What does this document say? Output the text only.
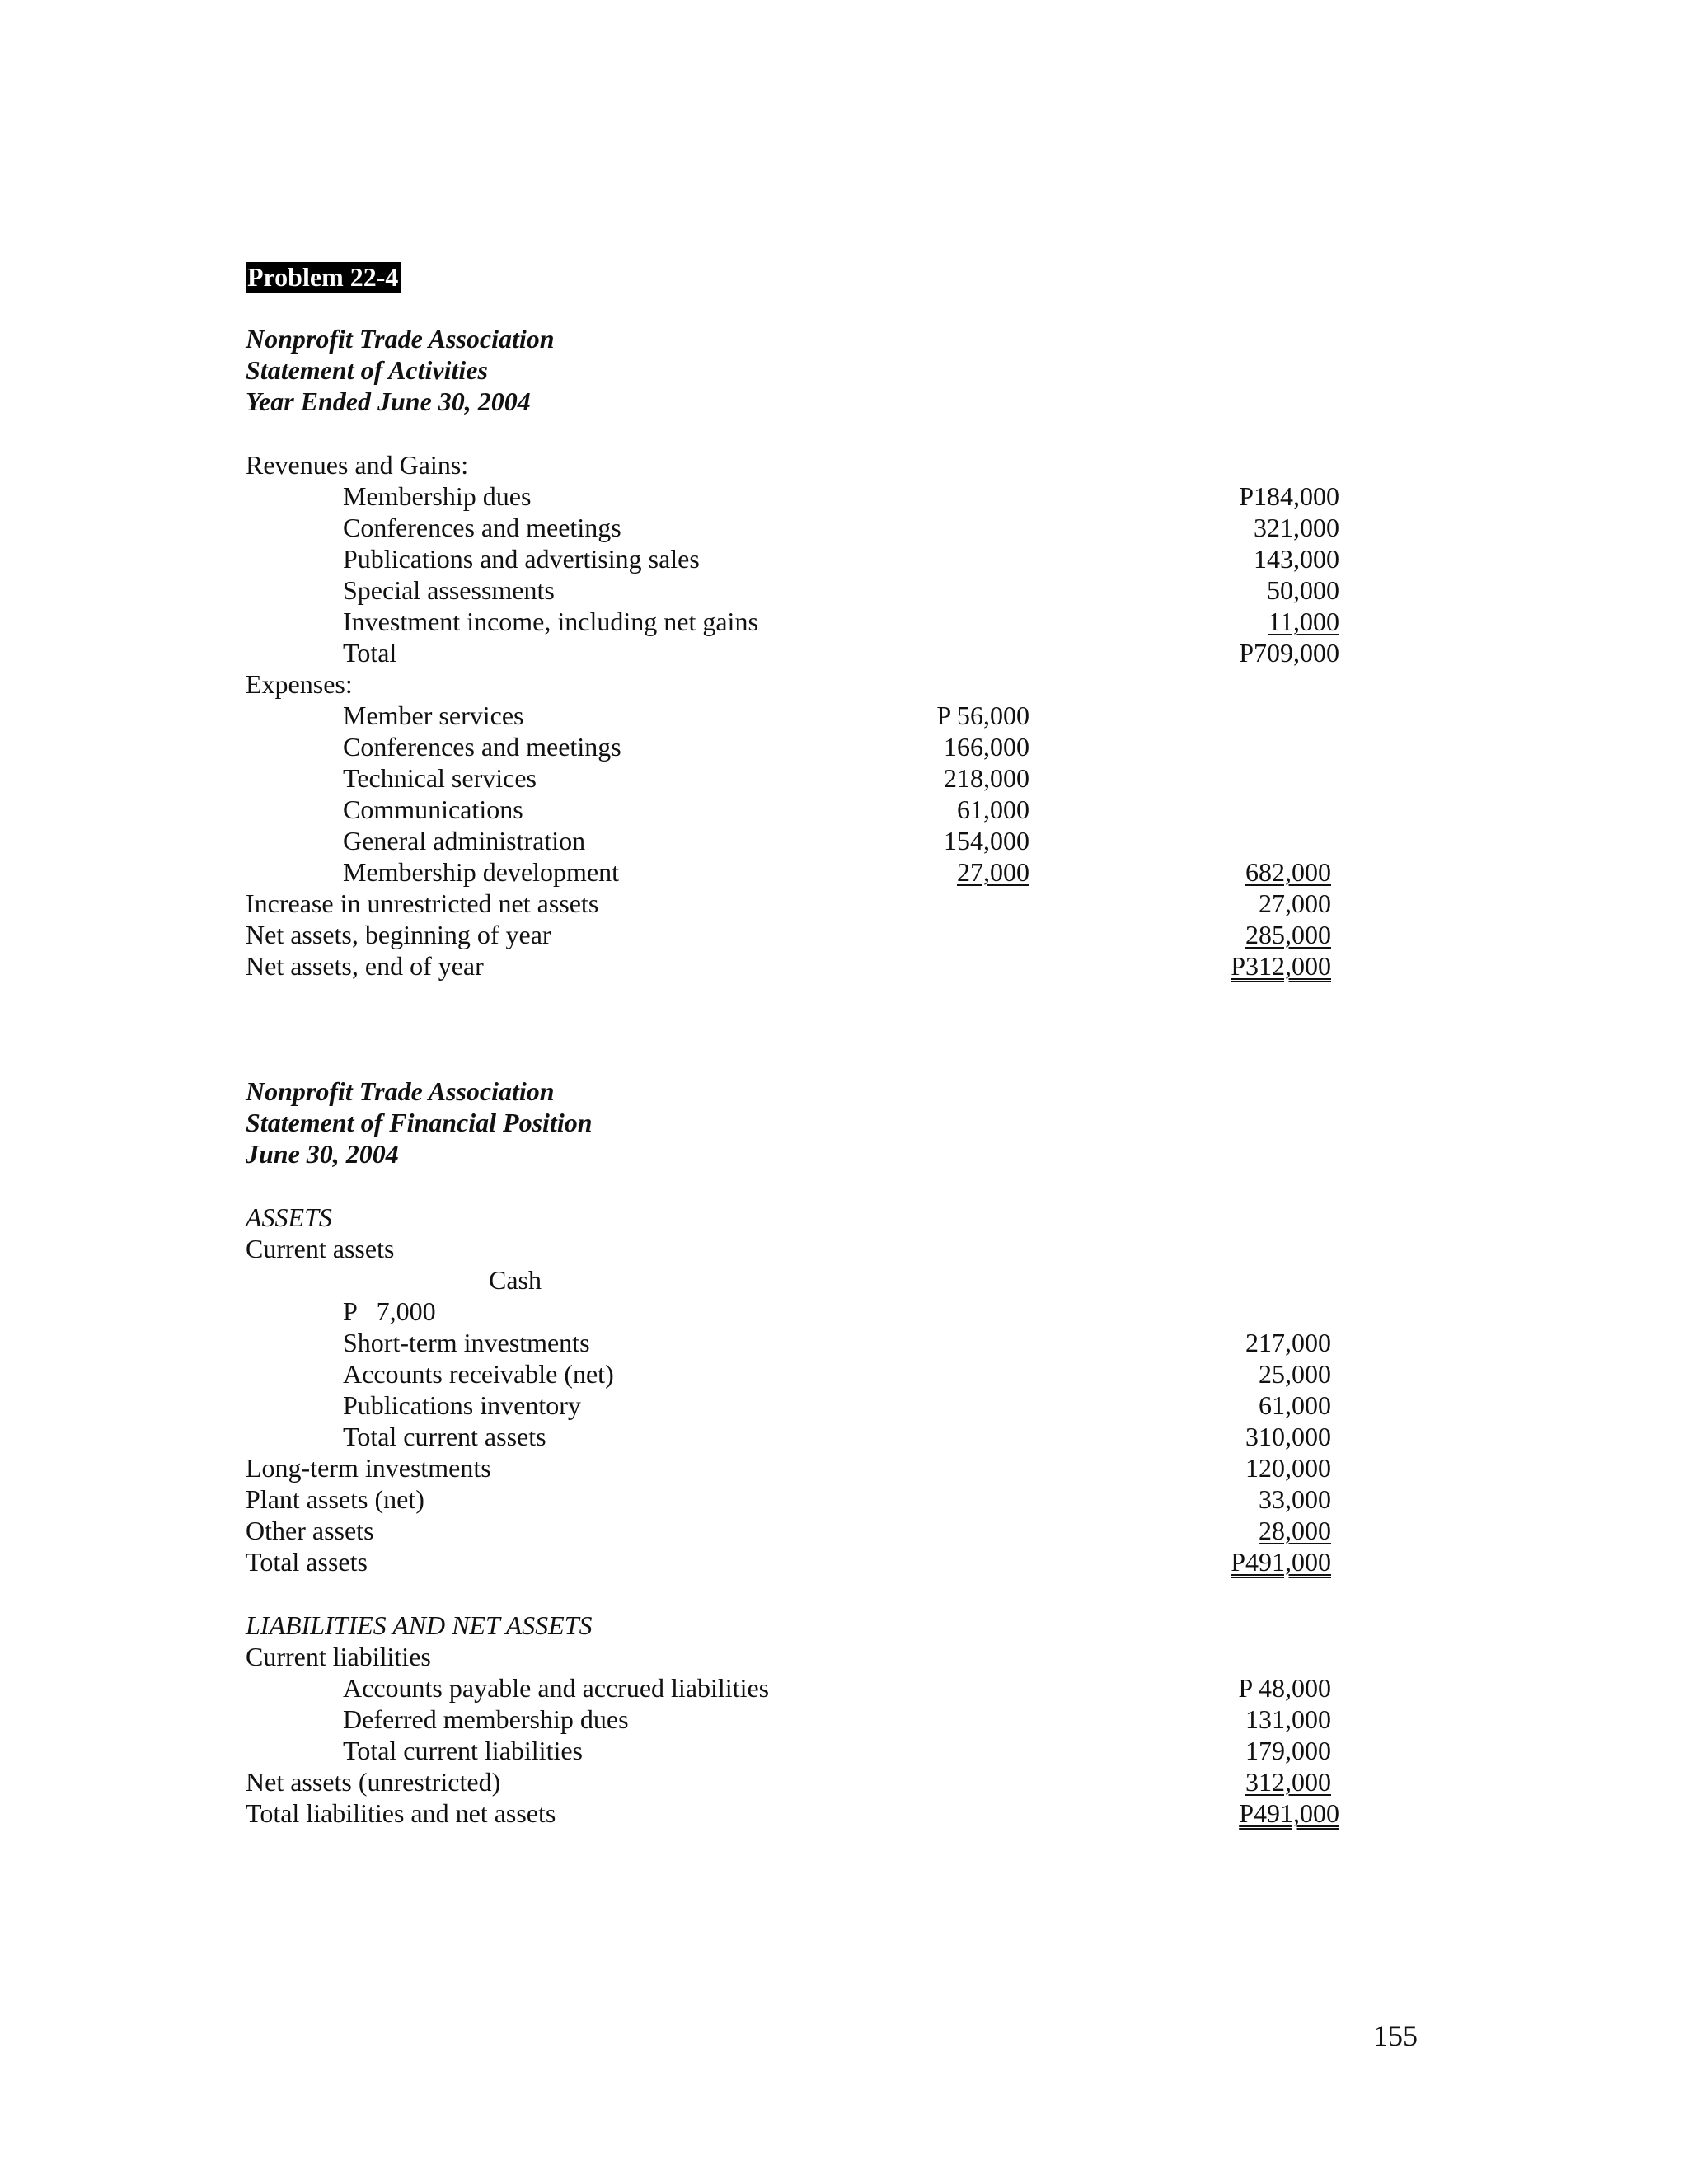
Problem 22-4
Nonprofit Trade Association
Statement of Activities
Year Ended June 30, 2004
Revenues and Gains:
Membership dues	P184,000
Conferences and meetings	321,000
Publications and advertising sales	143,000
Special assessments	50,000
Investment income, including net gains	11,000
Total	P709,000
Expenses:
Member services	P 56,000
Conferences and meetings	166,000
Technical services	218,000
Communications	61,000
General administration	154,000
Membership development	27,000	682,000
Increase in unrestricted net assets	27,000
Net assets, beginning of year	285,000
Net assets, end of year	P312,000
Nonprofit Trade Association
Statement of Financial Position
June 30, 2004
ASSETS
Current assets
Cash
P   7,000
Short-term investments	217,000
Accounts receivable (net)	25,000
Publications inventory	61,000
Total current assets	310,000
Long-term investments	120,000
Plant assets (net)	33,000
Other assets	28,000
Total assets	P491,000
LIABILITIES AND NET ASSETS
Current liabilities
Accounts payable and accrued liabilities	P 48,000
Deferred membership dues	131,000
Total current liabilities	179,000
Net assets (unrestricted)	312,000
Total liabilities and net assets	P491,000
155
